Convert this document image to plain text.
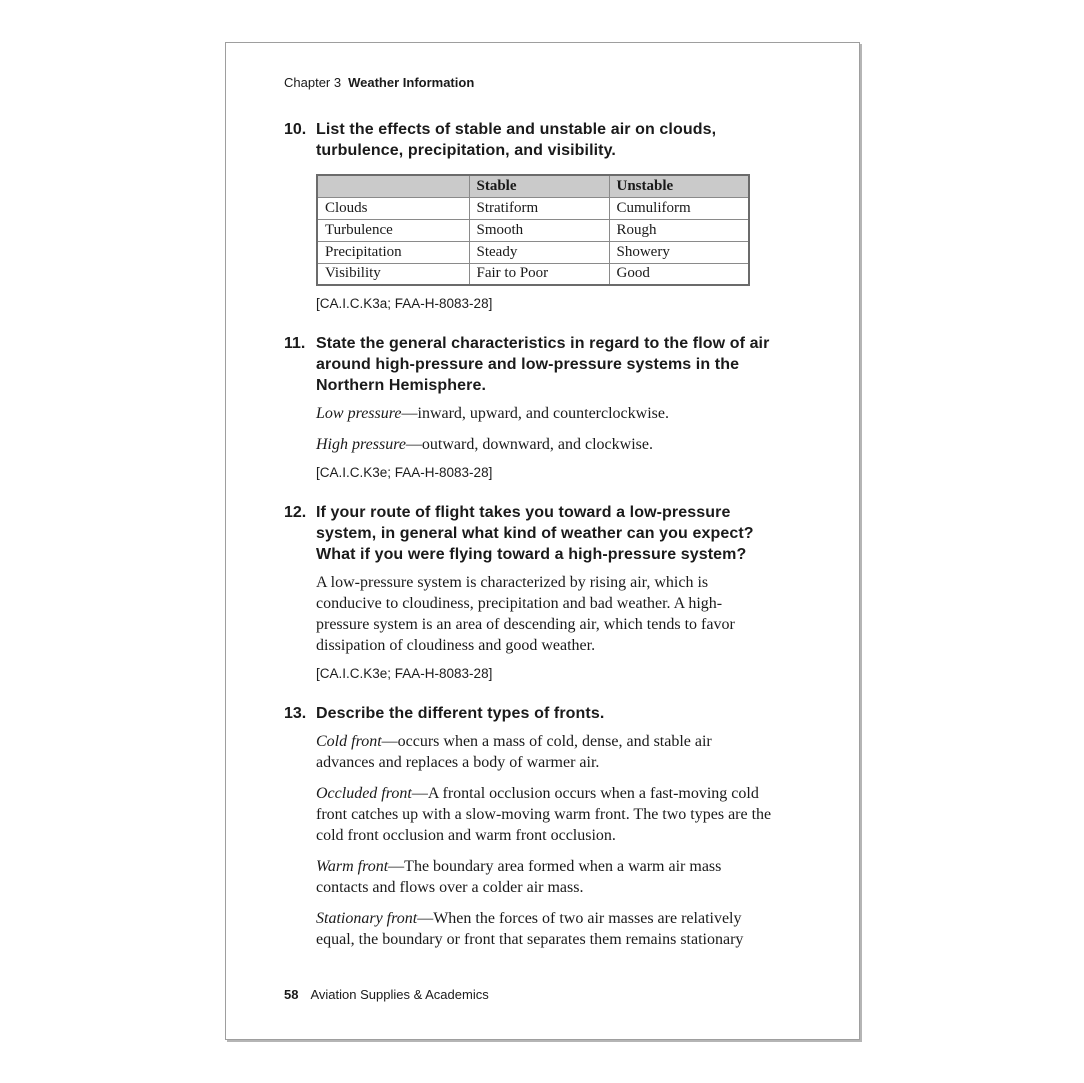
Chapter 3 Weather Information
10. List the effects of stable and unstable air on clouds, turbulence, precipitation, and visibility.
	Stable	Unstable
Clouds	Stratiform	Cumuliform
Turbulence	Smooth	Rough
Precipitation	Steady	Showery
Visibility	Fair to Poor	Good
[CA.I.C.K3a; FAA-H-8083-28]
11. State the general characteristics in regard to the flow of air around high-pressure and low-pressure systems in the Northern Hemisphere.

Low pressure—inward, upward, and counterclockwise.

High pressure—outward, downward, and clockwise.

[CA.I.C.K3e; FAA-H-8083-28]
12. If your route of flight takes you toward a low-pressure system, in general what kind of weather can you expect? What if you were flying toward a high-pressure system?

A low-pressure system is characterized by rising air, which is conducive to cloudiness, precipitation and bad weather. A high-pressure system is an area of descending air, which tends to favor dissipation of cloudiness and good weather.

[CA.I.C.K3e; FAA-H-8083-28]
13. Describe the different types of fronts.

Cold front—occurs when a mass of cold, dense, and stable air advances and replaces a body of warmer air.

Occluded front—A frontal occlusion occurs when a fast-moving cold front catches up with a slow-moving warm front. The two types are the cold front occlusion and warm front occlusion.

Warm front—The boundary area formed when a warm air mass contacts and flows over a colder air mass.

Stationary front—When the forces of two air masses are relatively equal, the boundary or front that separates them remains stationary

58 Aviation Supplies & Academics
